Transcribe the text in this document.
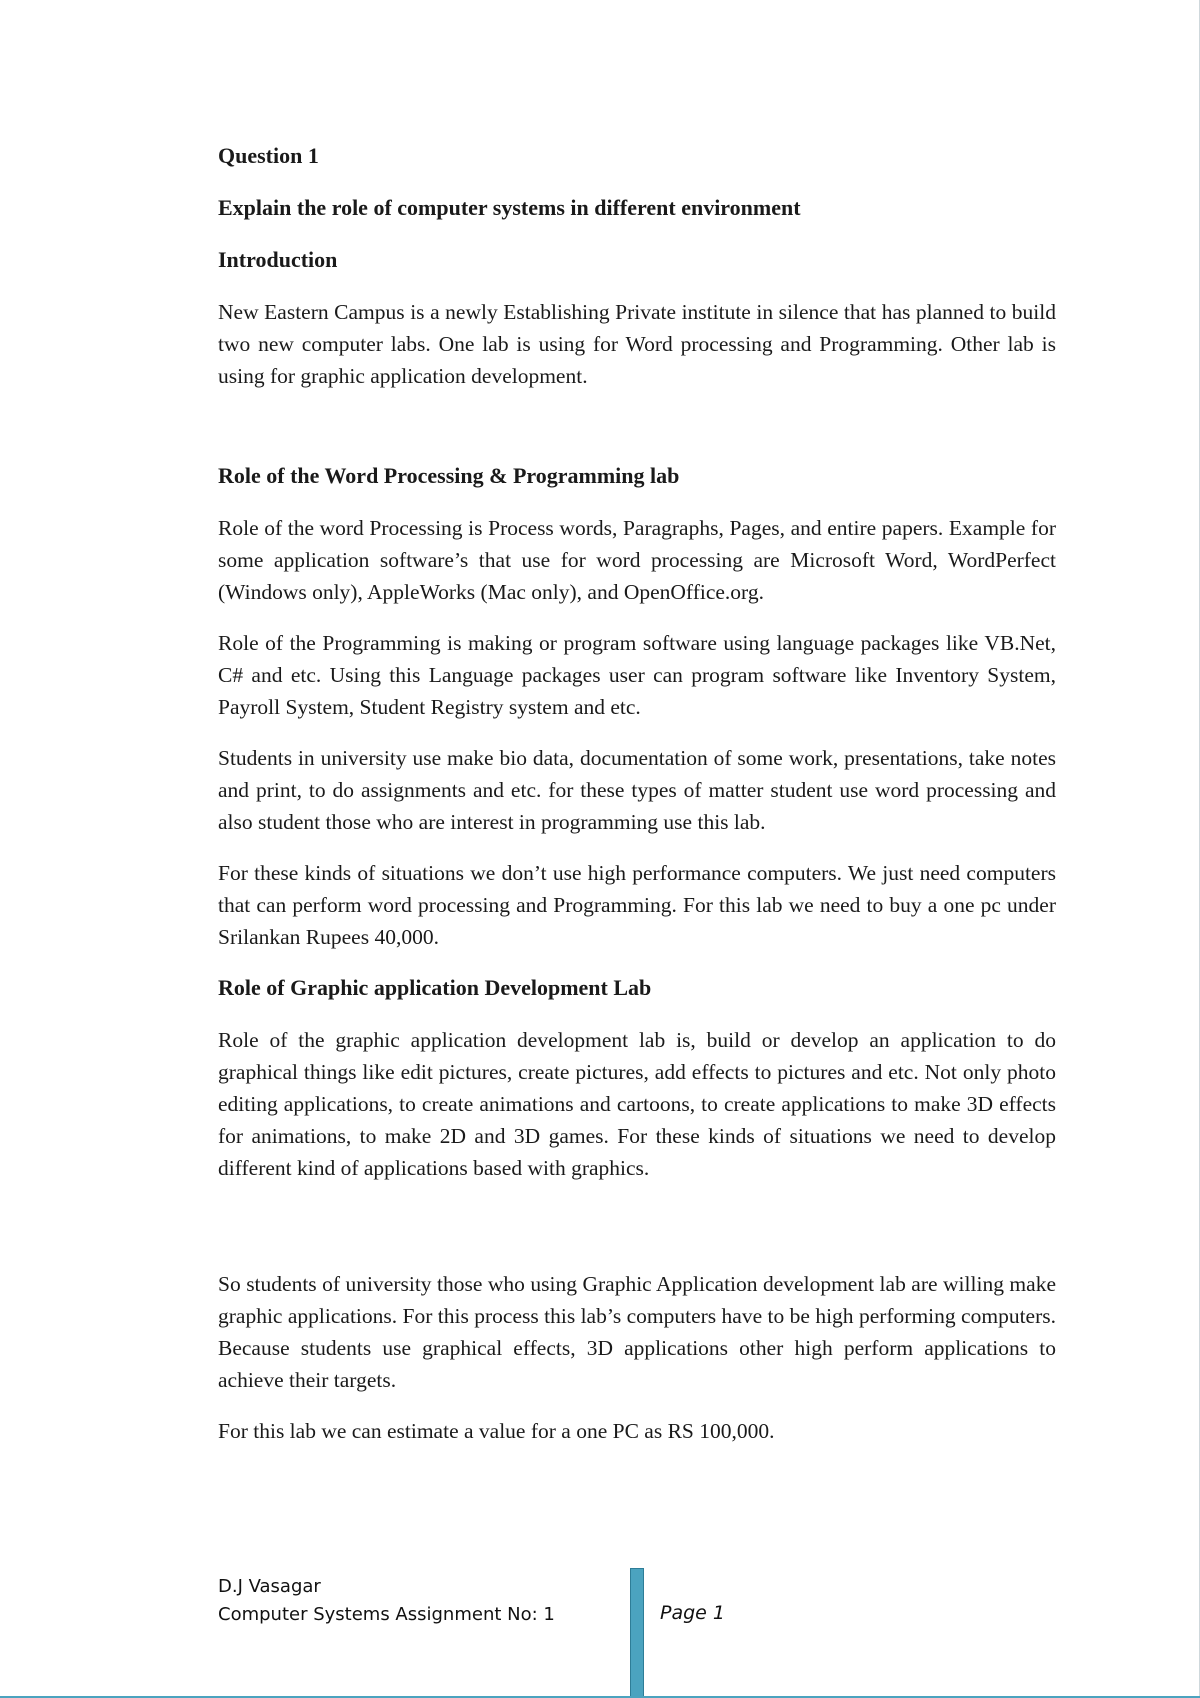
Question 1
Explain the role of computer systems in different environment
Introduction

New Eastern Campus is a newly Establishing Private institute in silence that has planned to build two new computer labs. One lab is using for Word processing and Programming. Other lab is using for graphic application development.

Role of the Word Processing & Programming lab

Role of the word Processing is Process words, Paragraphs, Pages, and entire papers. Example for some application software’s that use for word processing are Microsoft Word, WordPerfect (Windows only), AppleWorks (Mac only), and OpenOffice.org.

Role of the Programming is making or program software using language packages like VB.Net, C# and etc. Using this Language packages user can program software like Inventory System, Payroll System, Student Registry system and etc.

Students in university use make bio data, documentation of some work, presentations, take notes and print, to do assignments and etc. for these types of matter student use word processing and also student those who are interest in programming use this lab.

For these kinds of situations we don’t use high performance computers. We just need computers that can perform word processing and Programming. For this lab we need to buy a one pc under Srilankan Rupees 40,000.

Role of Graphic application Development Lab

Role of the graphic application development lab is, build or develop an application to do graphical things like edit pictures, create pictures, add effects to pictures and etc. Not only photo editing applications, to create animations and cartoons, to create applications to make 3D effects for animations, to make 2D and 3D games. For these kinds of situations we need to develop different kind of applications based with graphics.

So students of university those who using Graphic Application development lab are willing make graphic applications. For this process this lab’s computers have to be high performing computers. Because students use graphical effects, 3D applications other high perform applications to achieve their targets.

For this lab we can estimate a value for a one PC as RS 100,000.

D.J Vasagar
Computer Systems Assignment No: 1	Page 1
